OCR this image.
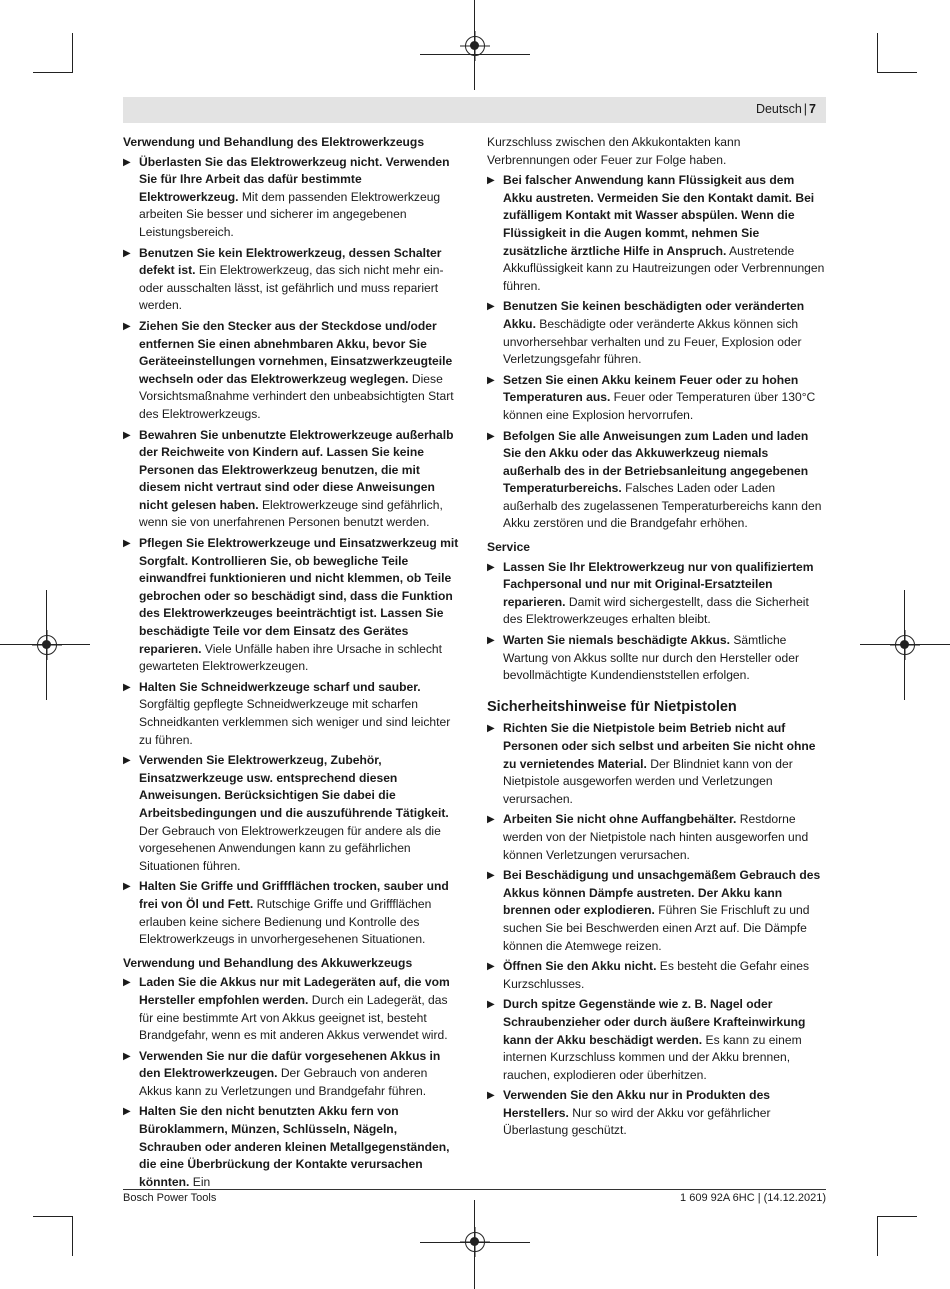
Deutsch | 7
Verwendung und Behandlung des Elektrowerkzeugs
▶ Überlasten Sie das Elektrowerkzeug nicht. Verwenden Sie für Ihre Arbeit das dafür bestimmte Elektrowerkzeug. Mit dem passenden Elektrowerkzeug arbeiten Sie besser und sicherer im angegebenen Leistungsbereich.
▶ Benutzen Sie kein Elektrowerkzeug, dessen Schalter defekt ist. Ein Elektrowerkzeug, das sich nicht mehr ein- oder ausschalten lässt, ist gefährlich und muss repariert werden.
▶ Ziehen Sie den Stecker aus der Steckdose und/oder entfernen Sie einen abnehmbaren Akku, bevor Sie Geräteeinstellungen vornehmen, Einsatzwerkzeugteile wechseln oder das Elektrowerkzeug weglegen. Diese Vorsichtsmaßnahme verhindert den unbeabsichtigten Start des Elektrowerkzeugs.
▶ Bewahren Sie unbenutzte Elektrowerkzeuge außerhalb der Reichweite von Kindern auf. Lassen Sie keine Personen das Elektrowerkzeug benutzen, die mit diesem nicht vertraut sind oder diese Anweisungen nicht gelesen haben. Elektrowerkzeuge sind gefährlich, wenn sie von unerfahrenen Personen benutzt werden.
▶ Pflegen Sie Elektrowerkzeuge und Einsatzwerkzeug mit Sorgfalt. Kontrollieren Sie, ob bewegliche Teile einwandfrei funktionieren und nicht klemmen, ob Teile gebrochen oder so beschädigt sind, dass die Funktion des Elektrowerkzeuges beeinträchtigt ist. Lassen Sie beschädigte Teile vor dem Einsatz des Gerätes reparieren. Viele Unfälle haben ihre Ursache in schlecht gewarteten Elektrowerkzeugen.
▶ Halten Sie Schneidwerkzeuge scharf und sauber. Sorgfältig gepflegte Schneidwerkzeuge mit scharfen Schneidkanten verklemmen sich weniger und sind leichter zu führen.
▶ Verwenden Sie Elektrowerkzeug, Zubehör, Einsatzwerkzeuge usw. entsprechend diesen Anweisungen. Berücksichtigen Sie dabei die Arbeitsbedingungen und die auszuführende Tätigkeit. Der Gebrauch von Elektrowerkzeugen für andere als die vorgesehenen Anwendungen kann zu gefährlichen Situationen führen.
▶ Halten Sie Griffe und Griffflächen trocken, sauber und frei von Öl und Fett. Rutschige Griffe und Griffflächen erlauben keine sichere Bedienung und Kontrolle des Elektrowerkzeugs in unvorhergesehenen Situationen.
Verwendung und Behandlung des Akkuwerkzeugs
▶ Laden Sie die Akkus nur mit Ladegeräten auf, die vom Hersteller empfohlen werden. Durch ein Ladegerät, das für eine bestimmte Art von Akkus geeignet ist, besteht Brandgefahr, wenn es mit anderen Akkus verwendet wird.
▶ Verwenden Sie nur die dafür vorgesehenen Akkus in den Elektrowerkzeugen. Der Gebrauch von anderen Akkus kann zu Verletzungen und Brandgefahr führen.
▶ Halten Sie den nicht benutzten Akku fern von Büroklammern, Münzen, Schlüsseln, Nägeln, Schrauben oder anderen kleinen Metallgegenständen, die eine Überbrückung der Kontakte verursachen könnten. Ein
Kurzschluss zwischen den Akkukontakten kann Verbrennungen oder Feuer zur Folge haben.
▶ Bei falscher Anwendung kann Flüssigkeit aus dem Akku austreten. Vermeiden Sie den Kontakt damit. Bei zufälligem Kontakt mit Wasser abspülen. Wenn die Flüssigkeit in die Augen kommt, nehmen Sie zusätzliche ärztliche Hilfe in Anspruch. Austretende Akkuflüssigkeit kann zu Hautreizungen oder Verbrennungen führen.
▶ Benutzen Sie keinen beschädigten oder veränderten Akku. Beschädigte oder veränderte Akkus können sich unvorhersehbar verhalten und zu Feuer, Explosion oder Verletzungsgefahr führen.
▶ Setzen Sie einen Akku keinem Feuer oder zu hohen Temperaturen aus. Feuer oder Temperaturen über 130°C können eine Explosion hervorrufen.
▶ Befolgen Sie alle Anweisungen zum Laden und laden Sie den Akku oder das Akkuwerkzeug niemals außerhalb des in der Betriebsanleitung angegebenen Temperaturbereichs. Falsches Laden oder Laden außerhalb des zugelassenen Temperaturbereichs kann den Akku zerstören und die Brandgefahr erhöhen.
Service
▶ Lassen Sie Ihr Elektrowerkzeug nur von qualifiziertem Fachpersonal und nur mit Original-Ersatzteilen reparieren. Damit wird sichergestellt, dass die Sicherheit des Elektrowerkzeuges erhalten bleibt.
▶ Warten Sie niemals beschädigte Akkus. Sämtliche Wartung von Akkus sollte nur durch den Hersteller oder bevollmächtigte Kundendienststellen erfolgen.
Sicherheitshinweise für Nietpistolen
▶ Richten Sie die Nietpistole beim Betrieb nicht auf Personen oder sich selbst und arbeiten Sie nicht ohne zu vernietendes Material. Der Blindniet kann von der Nietpistole ausgeworfen werden und Verletzungen verursachen.
▶ Arbeiten Sie nicht ohne Auffangbehälter. Restdorne werden von der Nietpistole nach hinten ausgeworfen und können Verletzungen verursachen.
▶ Bei Beschädigung und unsachgemäßem Gebrauch des Akkus können Dämpfe austreten. Der Akku kann brennen oder explodieren. Führen Sie Frischluft zu und suchen Sie bei Beschwerden einen Arzt auf. Die Dämpfe können die Atemwege reizen.
▶ Öffnen Sie den Akku nicht. Es besteht die Gefahr eines Kurzschlusses.
▶ Durch spitze Gegenstände wie z. B. Nagel oder Schraubenzieher oder durch äußere Krafteinwirkung kann der Akku beschädigt werden. Es kann zu einem internen Kurzschluss kommen und der Akku brennen, rauchen, explodieren oder überhitzen.
▶ Verwenden Sie den Akku nur in Produkten des Herstellers. Nur so wird der Akku vor gefährlicher Überlastung geschützt.
Bosch Power Tools	1 609 92A 6HC | (14.12.2021)
